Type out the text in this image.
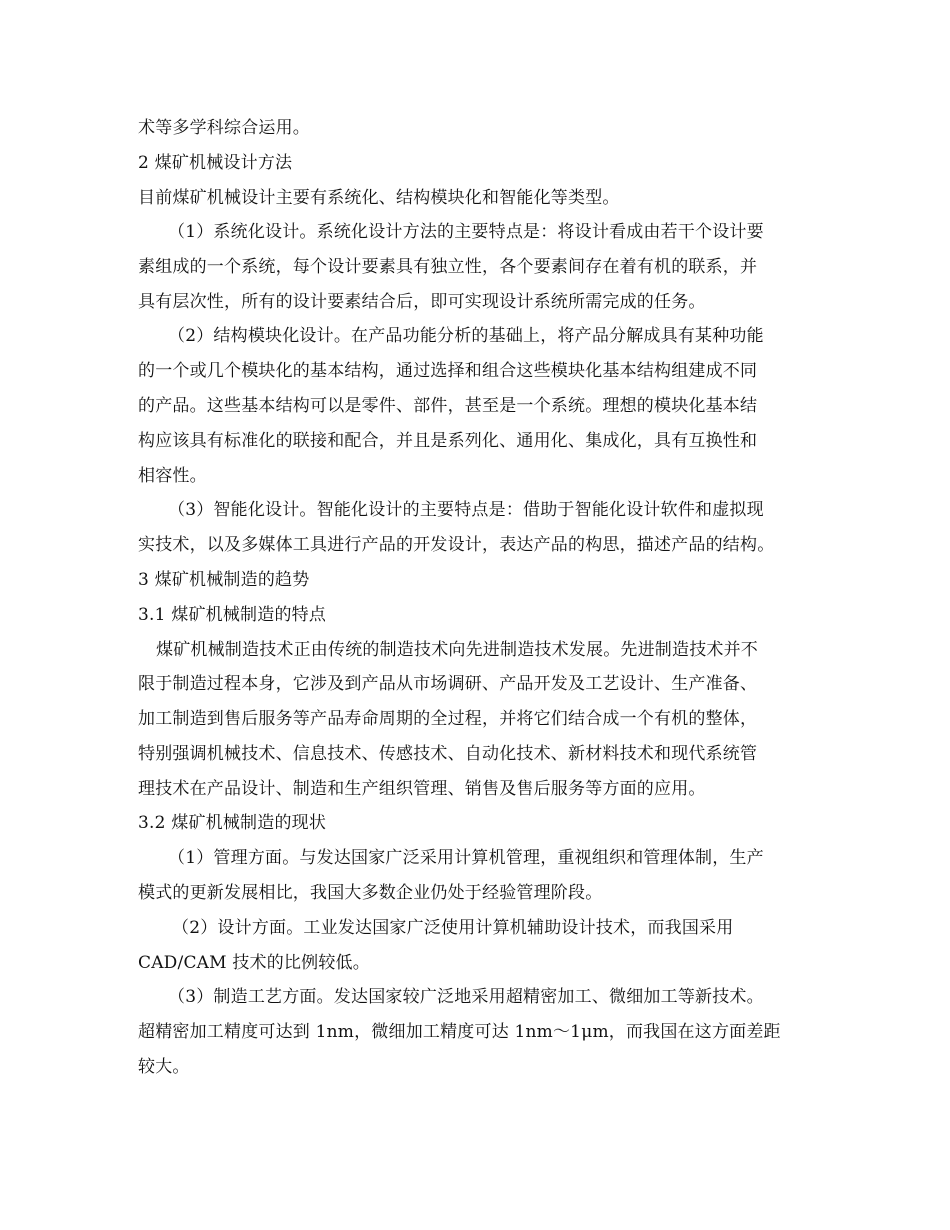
术等多学科综合运用。
2 煤矿机械设计方法
目前煤矿机械设计主要有系统化、结构模块化和智能化等类型。
（1）系统化设计。系统化设计方法的主要特点是：将设计看成由若干个设计要
素组成的一个系统，每个设计要素具有独立性，各个要素间存在着有机的联系，并
具有层次性，所有的设计要素结合后，即可实现设计系统所需完成的任务。
（2）结构模块化设计。在产品功能分析的基础上，将产品分解成具有某种功能
的一个或几个模块化的基本结构，通过选择和组合这些模块化基本结构组建成不同
的产品。这些基本结构可以是零件、部件，甚至是一个系统。理想的模块化基本结
构应该具有标准化的联接和配合，并且是系列化、通用化、集成化，具有互换性和
相容性。
（3）智能化设计。智能化设计的主要特点是：借助于智能化设计软件和虚拟现
实技术，以及多媒体工具进行产品的开发设计，表达产品的构思，描述产品的结构。
3 煤矿机械制造的趋势
3.1 煤矿机械制造的特点
煤矿机械制造技术正由传统的制造技术向先进制造技术发展。先进制造技术并不
限于制造过程本身，它涉及到产品从市场调研、产品开发及工艺设计、生产准备、
加工制造到售后服务等产品寿命周期的全过程，并将它们结合成一个有机的整体，
特别强调机械技术、信息技术、传感技术、自动化技术、新材料技术和现代系统管
理技术在产品设计、制造和生产组织管理、销售及售后服务等方面的应用。
3.2 煤矿机械制造的现状
（1）管理方面。与发达国家广泛采用计算机管理，重视组织和管理体制，生产
模式的更新发展相比，我国大多数企业仍处于经验管理阶段。
（2）设计方面。工业发达国家广泛使用计算机辅助设计技术，而我国采用
CAD/CAM 技术的比例较低。
（3）制造工艺方面。发达国家较广泛地采用超精密加工、微细加工等新技术。
超精密加工精度可达到 1nm，微细加工精度可达 1nm～1μm，而我国在这方面差距
较大。
